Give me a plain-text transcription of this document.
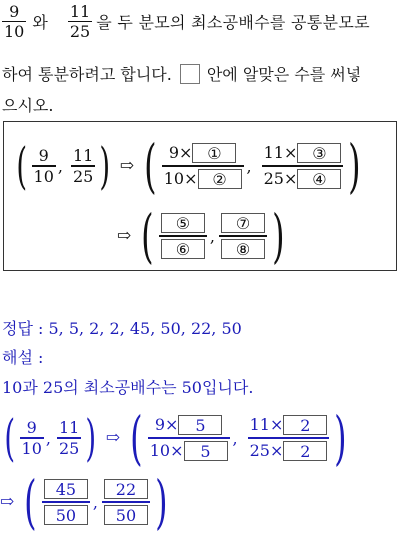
$\frac{9}{10}$ 와 $\frac{11}{25}$ 을 두 분모의 최소공배수를 공통분모로
하여 통분하려고 합니다. 안에 알맞은 수를 써넣
으시오.
( $\frac{9}{10}$ , $\frac{11}{25}$ ) ⇨ ( $\frac{\text{9× ①}}{\text{10× ②}}$ , $\frac{\text{11× ③}}{\text{25× ④}}$ )
⇨ ( $\frac{\text{⑤}}{\text{⑥}}$ , $\frac{\text{⑦}}{\text{⑧}}$ )
정답 : 5, 5, 2, 2, 45, 50, 22, 50
해설 :
10과 25의 최소공배수는 50입니다.
( $\frac{9}{10}$ , $\frac{11}{25}$ ) ⇨ ( $\frac{9\times 5}{10\times 5}$ , $\frac{11\times 2}{25\times 2}$ )
⇨ ( $\frac{45}{50}$ , $\frac{22}{50}$ )
